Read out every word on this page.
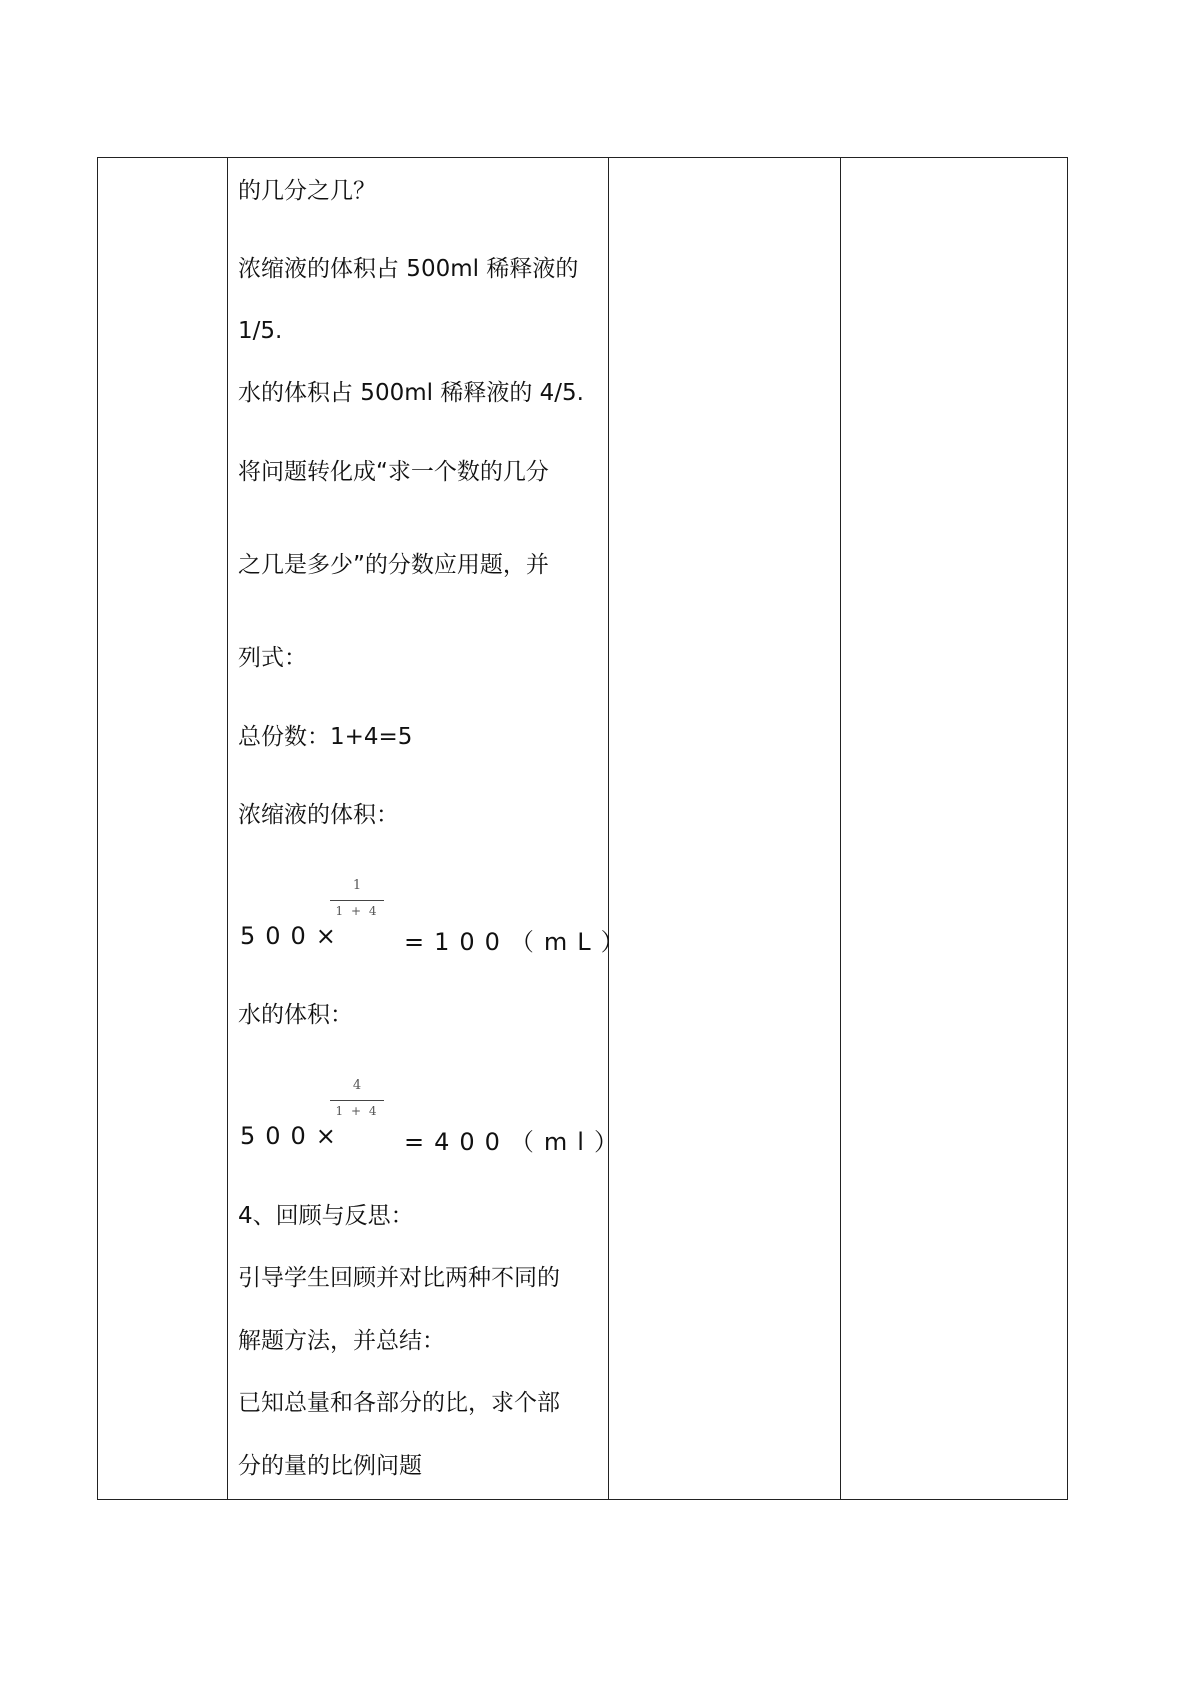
的几分之几？
浓缩液的体积占 500ml 稀释液的
1/5.
水的体积占 500ml 稀释液的 4/5.
将问题转化成“求一个数的几分
之几是多少”的分数应用题，并
列式：
总份数：1+4=5
浓缩液的体积：
500×
1
1 + 4
=100（mL）
水的体积：
500×
4
1 + 4
=400（ml）
4、回顾与反思：
引导学生回顾并对比两种不同的
解题方法，并总结：
已知总量和各部分的比，求个部
分的量的比例问题
